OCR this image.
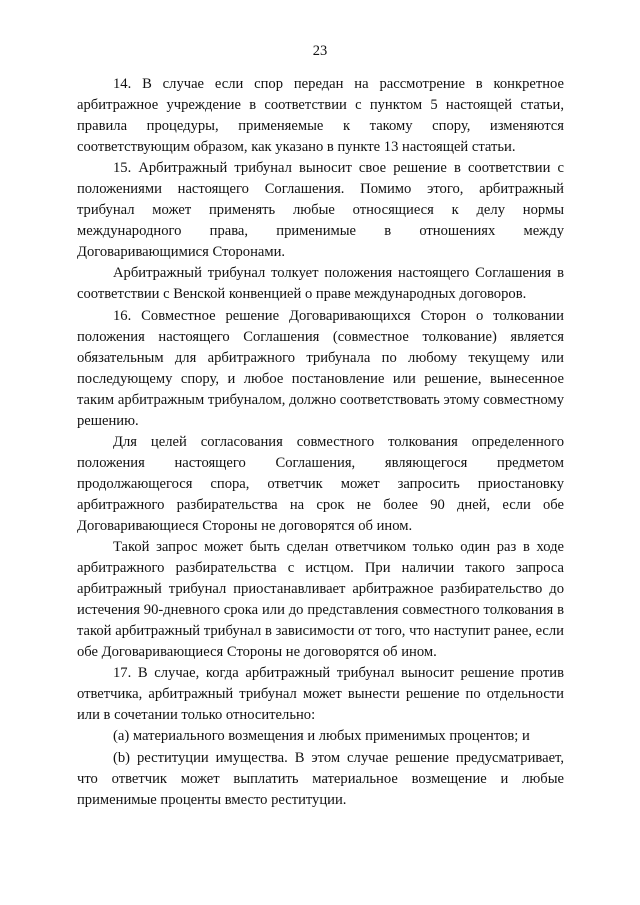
23

14. В случае если спор передан на рассмотрение в конкретное арбитражное учреждение в соответствии с пунктом 5 настоящей статьи, правила процедуры, применяемые к такому спору, изменяются соответствующим образом, как указано в пункте 13 настоящей статьи.

15. Арбитражный трибунал выносит свое решение в соответствии с положениями настоящего Соглашения. Помимо этого, арбитражный трибунал может применять любые относящиеся к делу нормы международного права, применимые в отношениях между Договаривающимися Сторонами.

Арбитражный трибунал толкует положения настоящего Соглашения в соответствии с Венской конвенцией о праве международных договоров.

16. Совместное решение Договаривающихся Сторон о толковании положения настоящего Соглашения (совместное толкование) является обязательным для арбитражного трибунала по любому текущему или последующему спору, и любое постановление или решение, вынесенное таким арбитражным трибуналом, должно соответствовать этому совместному решению.

Для целей согласования совместного толкования определенного положения настоящего Соглашения, являющегося предметом продолжающегося спора, ответчик может запросить приостановку арбитражного разбирательства на срок не более 90 дней, если обе Договаривающиеся Стороны не договорятся об ином.

Такой запрос может быть сделан ответчиком только один раз в ходе арбитражного разбирательства с истцом. При наличии такого запроса арбитражный трибунал приостанавливает арбитражное разбирательство до истечения 90-дневного срока или до представления совместного толкования в такой арбитражный трибунал в зависимости от того, что наступит ранее, если обе Договаривающиеся Стороны не договорятся об ином.

17. В случае, когда арбитражный трибунал выносит решение против ответчика, арбитражный трибунал может вынести решение по отдельности или в сочетании только относительно:

(a) материального возмещения и любых применимых процентов; и

(b) реституции имущества. В этом случае решение предусматривает, что ответчик может выплатить материальное возмещение и любые применимые проценты вместо реституции.
